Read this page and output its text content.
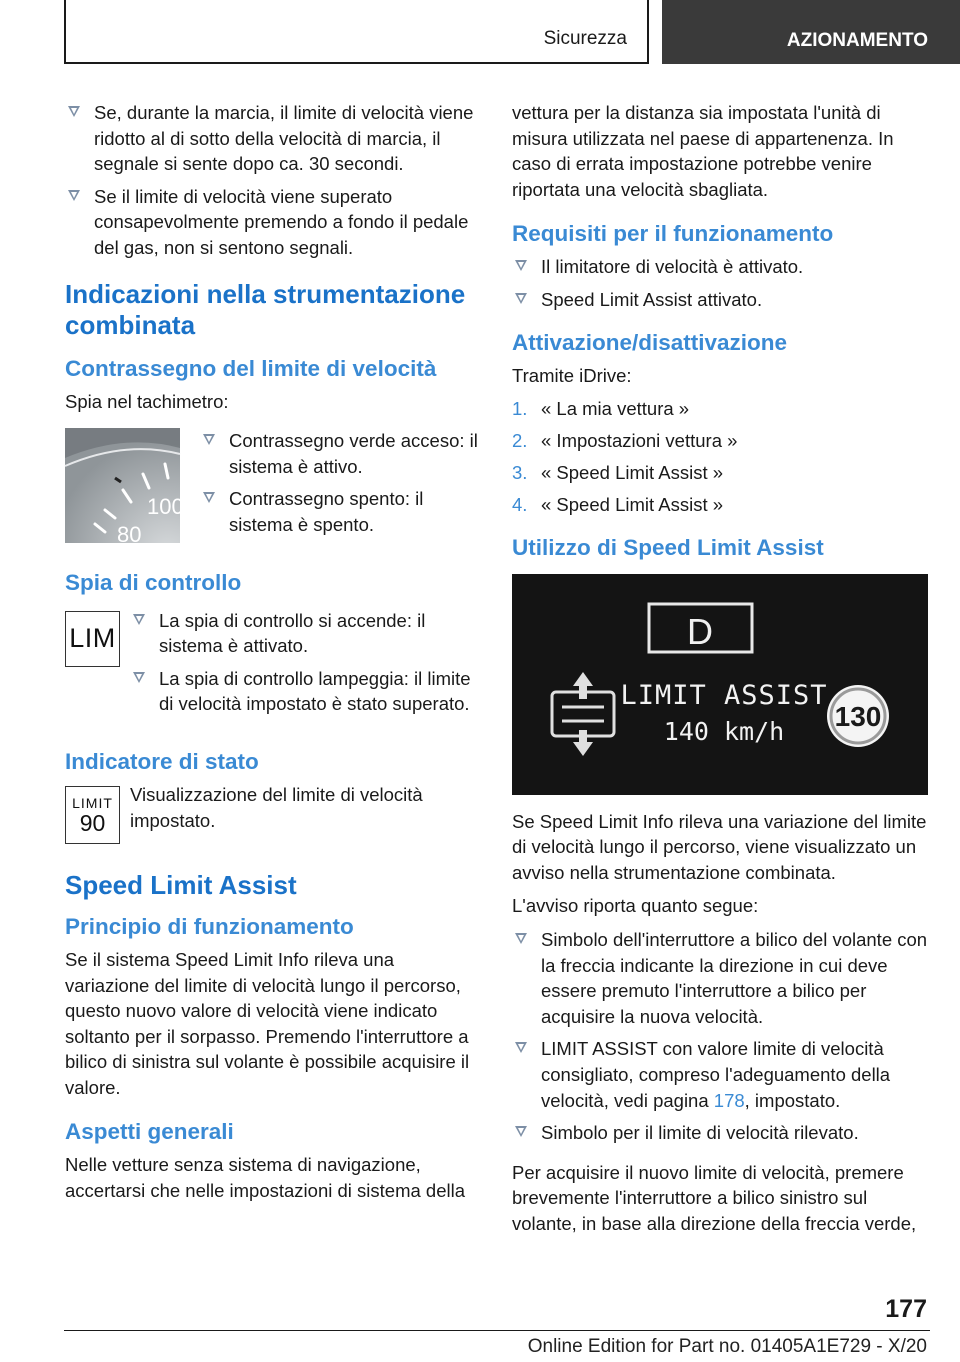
Sicurezza	AZIONAMENTO
Se, durante la marcia, il limite di velocità viene ridotto al di sotto della velocità di marcia, il segnale si sente dopo ca. 30 secondi.
Se il limite di velocità viene superato consapevolmente premendo a fondo il pedale del gas, non si sentono segnali.
Indicazioni nella strumentazione combinata
Contrassegno del limite di velocità

Spia nel tachimetro:

100
80
Contrassegno verde acceso: il sistema è attivo.
Contrassegno spento: il sistema è spento.
Spia di controllo
LIM
La spia di controllo si accende: il sistema è attivato.
La spia di controllo lampeggia: il limite di velocità impostato è stato superato.
Indicatore di stato
LIMIT
90

Visualizzazione del limite di velocità impostato.

Speed Limit Assist
Principio di funzionamento

Se il sistema Speed Limit Info rileva una variazione del limite di velocità lungo il percorso, questo nuovo valore di velocità viene indicato soltanto per il sorpasso. Premendo l'interruttore a bilico di sinistra sul volante è possibile acquisire il valore.

Aspetti generali

Nelle vetture senza sistema di navigazione, accertarsi che nelle impostazioni di sistema della

vettura per la distanza sia impostata l'unità di misura utilizzata nel paese di appartenenza. In caso di errata impostazione potrebbe venire riportata una velocità sbagliata.

Requisiti per il funzionamento
Il limitatore di velocità è attivato.
Speed Limit Assist attivato.
Attivazione/disattivazione

Tramite iDrive:

1. « La mia vettura »
2. « Impostazioni vettura »
3. « Speed Limit Assist »
4. « Speed Limit Assist »
Utilizzo di Speed Limit Assist
D
LIMIT ASSIST
140 km/h 130

Se Speed Limit Info rileva una variazione del limite di velocità lungo il percorso, viene visualizzato un avviso nella strumentazione combinata.

L'avviso riporta quanto segue:

Simbolo dell'interruttore a bilico del volante con la freccia indicante la direzione in cui deve essere premuto l'interruttore a bilico per acquisire la nuova velocità.
LIMIT ASSIST con valore limite di velocità consigliato, compreso l'adeguamento della velocità, vedi pagina 178, impostato.
Simbolo per il limite di velocità rilevato.

Per acquisire il nuovo limite di velocità, premere brevemente l'interruttore a bilico sinistro sul volante, in base alla direzione della freccia verde,

177
Online Edition for Part no. 01405A1E729 - X/20
